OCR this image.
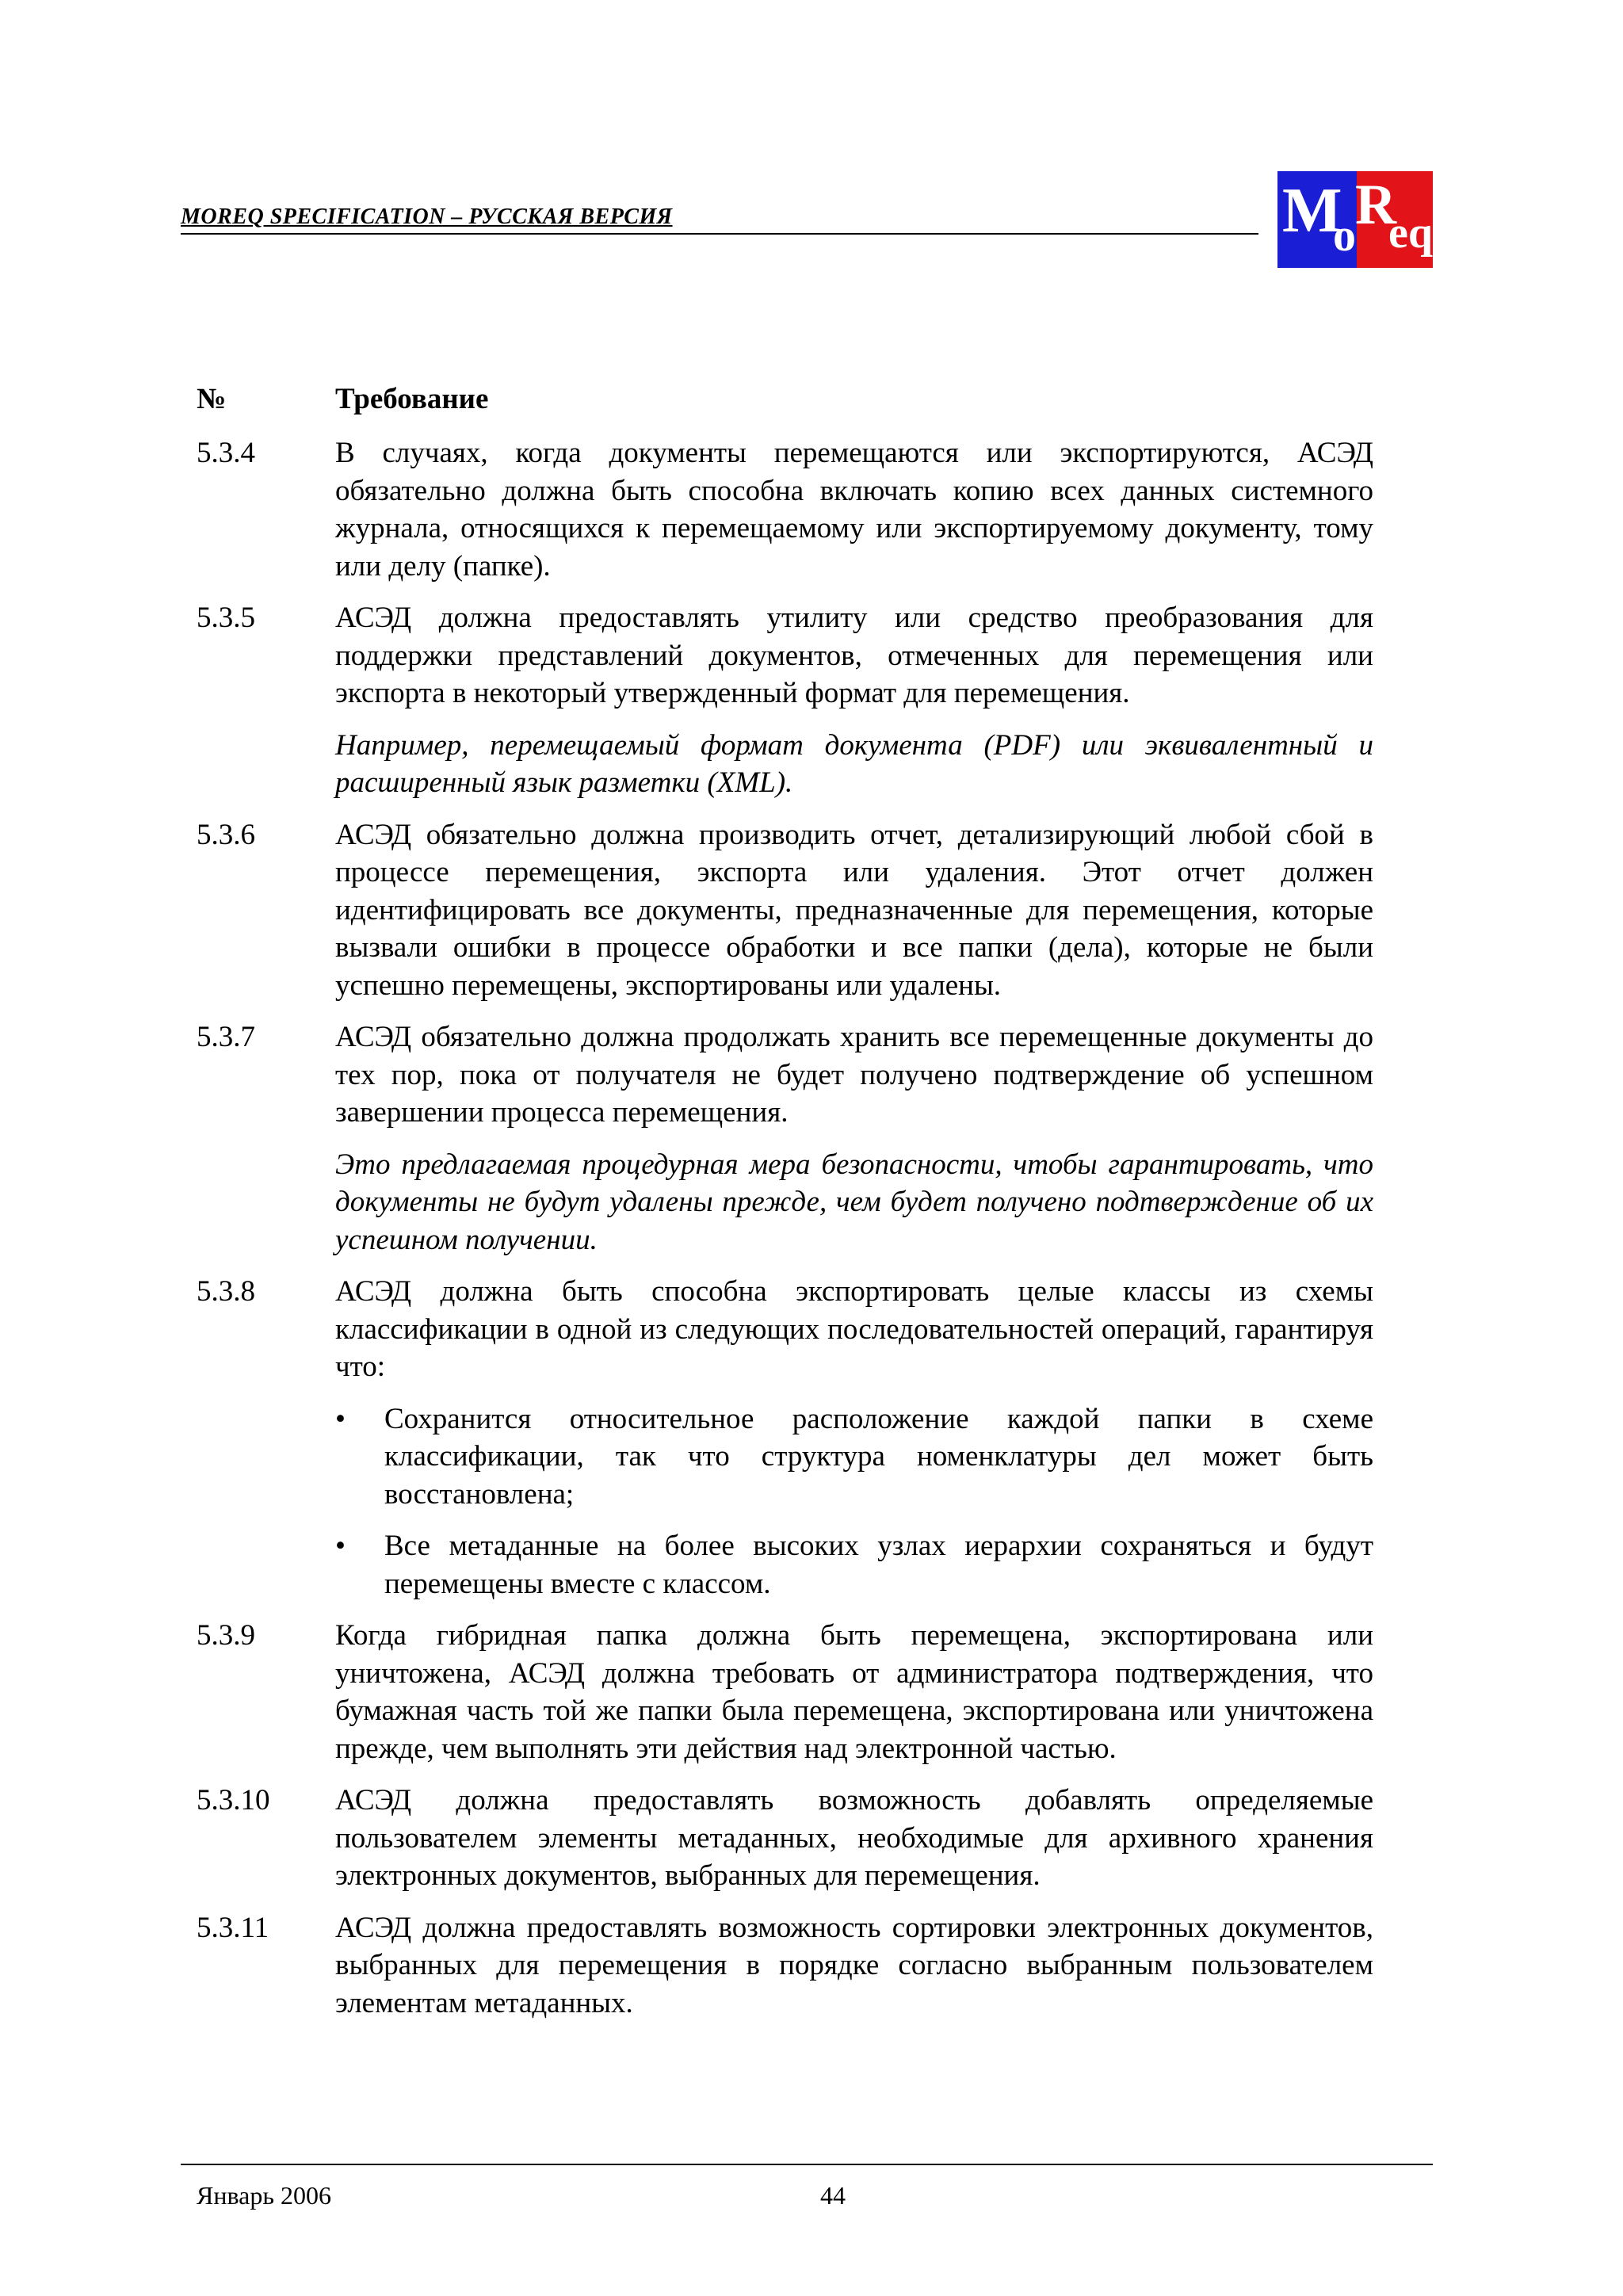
MOREQ SPECIFICATION – РУССКАЯ ВЕРСИЯ	M
o R
eq
№	Требование
5.3.4	В случаях, когда документы перемещаются или экспортируются, АСЭД обязательно должна быть способна включать копию всех данных системного журнала, относящихся к перемещаемому или экспортируемому документу, тому или делу (папке).

5.3.5	АСЭД должна предоставлять утилиту или средство преобразования для поддержки представлений документов, отмеченных для перемещения или экспорта в некоторый утвержденный формат для перемещения.

Например, перемещаемый формат документа (PDF) или эквивалентный и расширенный язык разметки (XML).

5.3.6	АСЭД обязательно должна производить отчет, детализирующий любой сбой в процессе перемещения, экспорта или удаления. Этот отчет должен идентифицировать все документы, предназначенные для перемещения, которые вызвали ошибки в процессе обработки и все папки (дела), которые не были успешно перемещены, экспортированы или удалены.

5.3.7	АСЭД обязательно должна продолжать хранить все перемещенные документы до тех пор, пока от получателя не будет получено подтверждение об успешном завершении процесса перемещения.

Это предлагаемая процедурная мера безопасности, чтобы гарантировать, что документы не будут удалены прежде, чем будет получено подтверждение об их успешном получении.

5.3.8	АСЭД должна быть способна экспортировать целые классы из схемы классификации в одной из следующих последовательностей операций, гарантируя что:

• Сохранится относительное расположение каждой папки в схеме классификации, так что структура номенклатуры дел может быть восстановлена;
• Все метаданные на более высоких узлах иерархии сохраняться и будут перемещены вместе с классом.
5.3.9	Когда гибридная папка должна быть перемещена, экспортирована или уничтожена, АСЭД должна требовать от администратора подтверждения, что бумажная часть той же папки была перемещена, экспортирована или уничтожена прежде, чем выполнять эти действия над электронной частью.

5.3.10 АСЭД должна предоставлять возможность добавлять определяемые пользователем элементы метаданных, необходимые для архивного хранения электронных документов, выбранных для перемещения.

5.3.11 АСЭД должна предоставлять возможность сортировки электронных документов, выбранных для перемещения в порядке согласно выбранным пользователем элементам метаданных.

Январь 2006	44
